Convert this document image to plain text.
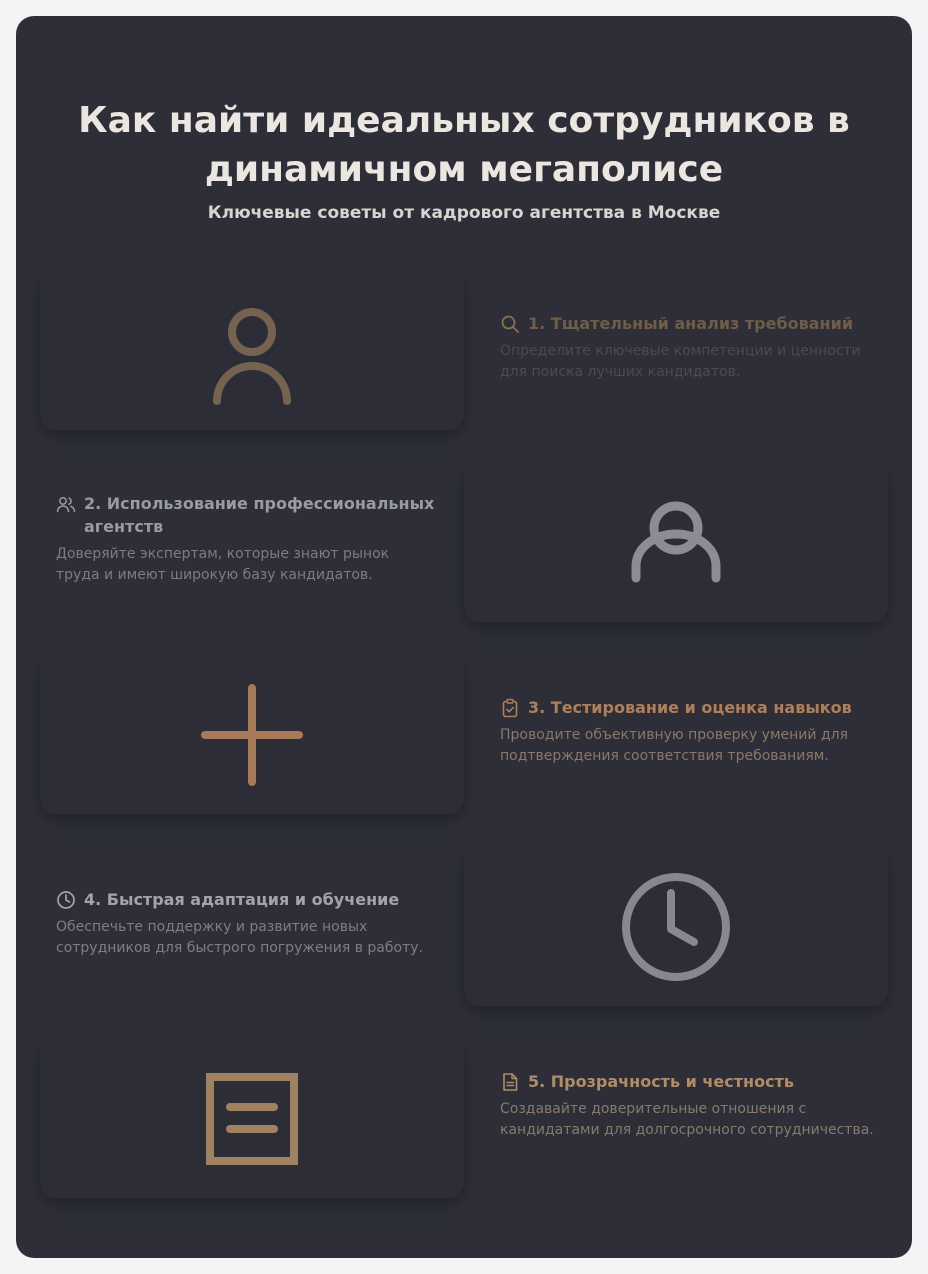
Как найти идеальных сотрудников в динамичном мегаполисе

Ключевые советы от кадрового агентства в Москве

1. Тщательный анализ требований
Определите ключевые компетенции и ценности для поиска лучших кандидатов.
2. Использование профессиональных агентств
Доверяйте экспертам, которые знают рынок труда и имеют широкую базу кандидатов.
3. Тестирование и оценка навыков
Проводите объективную проверку умений для подтверждения соответствия требованиям.
4. Быстрая адаптация и обучение
Обеспечьте поддержку и развитие новых сотрудников для быстрого погружения в работу.
5. Прозрачность и честность
Создавайте доверительные отношения с кандидатами для долгосрочного сотрудничества.
